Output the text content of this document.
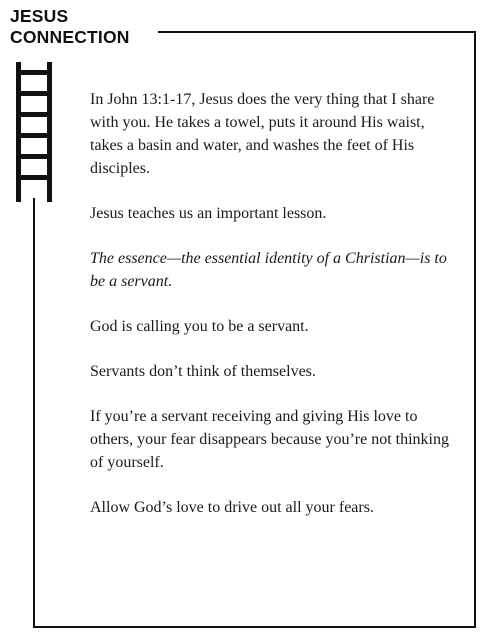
JESUS
CONNECTION

In John 13:1-17, Jesus does the very thing that I share with you. He takes a towel, puts it around His waist, takes a basin and water, and washes the feet of His disciples.

Jesus teaches us an important lesson.

The essence—the essential identity of a Christian—is to be a servant.

God is calling you to be a servant.

Servants don’t think of themselves.

If you’re a servant receiving and giving His love to others, your fear disappears because you’re not thinking of yourself.

Allow God’s love to drive out all your fears.
